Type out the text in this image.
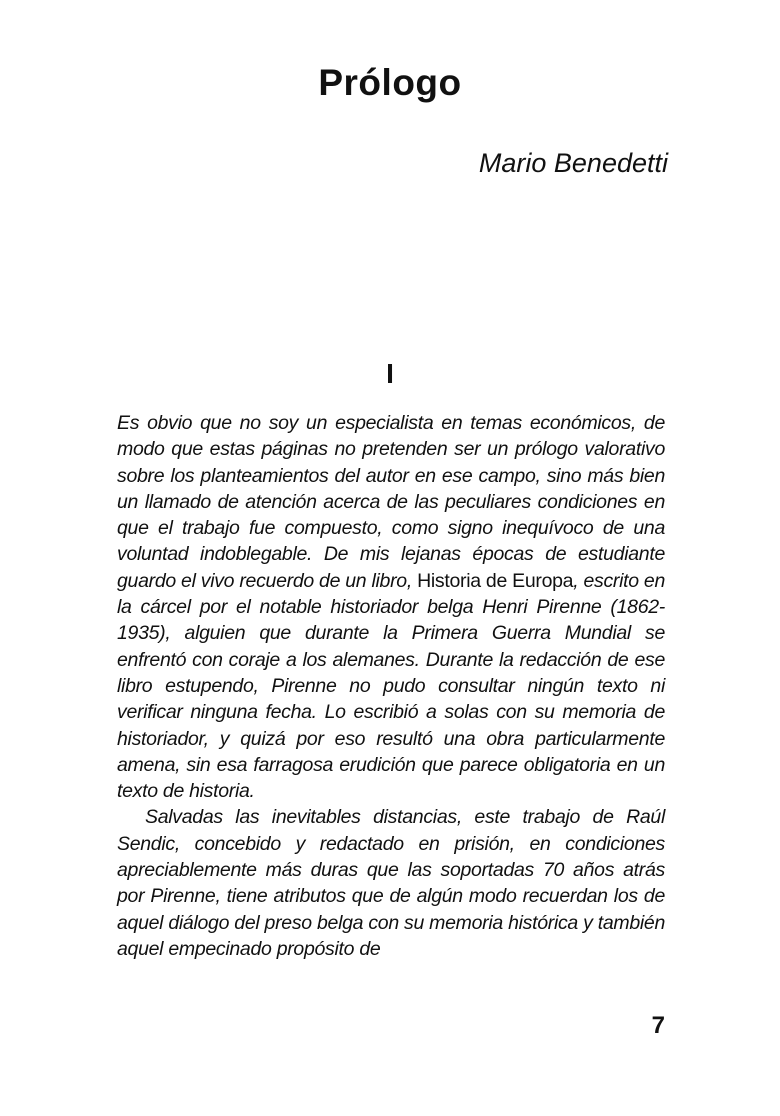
Prólogo
Mario Benedetti
I

Es obvio que no soy un especialista en temas económicos, de modo que estas páginas no pretenden ser un prólogo valorativo sobre los planteamientos del autor en ese campo, sino más bien un llamado de atención acerca de las peculiares condiciones en que el trabajo fue compuesto, como signo inequívoco de una voluntad indoblegable. De mis lejanas épocas de estudiante guardo el vivo recuerdo de un libro, Historia de Europa, escrito en la cárcel por el notable historiador belga Henri Pirenne (1862-1935), alguien que durante la Primera Guerra Mundial se enfrentó con coraje a los alemanes. Durante la redacción de ese libro estupendo, Pirenne no pudo consultar ningún texto ni verificar ninguna fecha. Lo escribió a solas con su memoria de historiador, y quizá por eso resultó una obra particularmente amena, sin esa farragosa erudición que parece obligatoria en un texto de historia.

Salvadas las inevitables distancias, este trabajo de Raúl Sendic, concebido y redactado en prisión, en condiciones apreciablemente más duras que las soportadas 70 años atrás por Pirenne, tiene atributos que de algún modo recuerdan los de aquel diálogo del preso belga con su memoria histórica y también aquel empecinado propósito de

7
